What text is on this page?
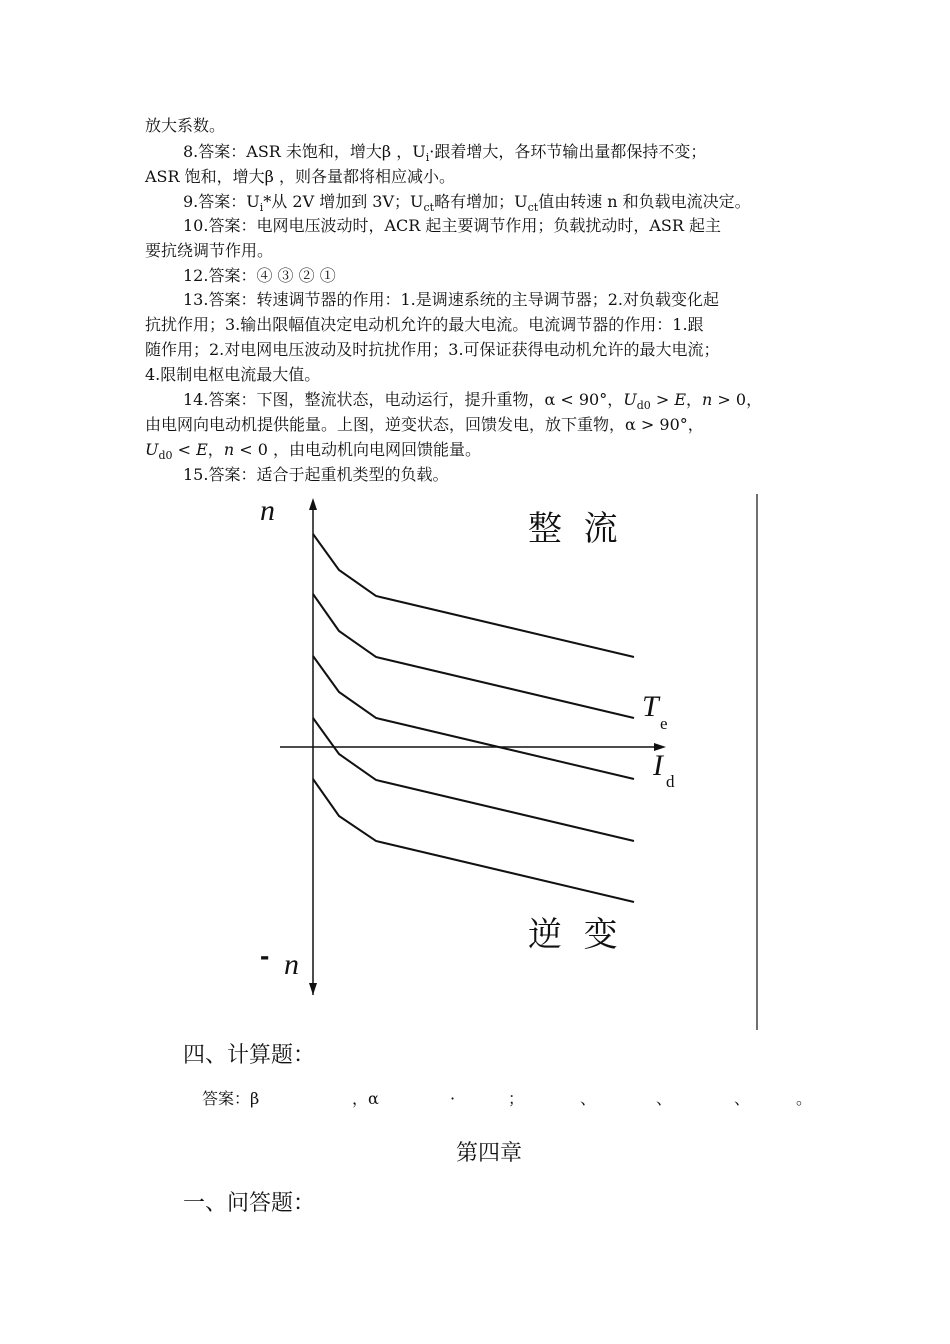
放大系数。
8.答案：ASR 未饱和，增大β ，$U_i\cdot$跟着增大，各环节输出量都保持不变；
ASR 饱和，增大β ，则各量都将相应减小。
9.答案：$U_i*$从 2V 增加到 3V；$U_{ct}$略有增加；$U_{ct}$值由转速 n 和负载电流决定。
10.答案：电网电压波动时，ACR 起主要调节作用；负载扰动时，ASR 起主
要抗绕调节作用。
12.答案：④ ③ ② ①
13.答案：转速调节器的作用：1.是调速系统的主导调节器；2.对负载变化起
抗扰作用；3.输出限幅值决定电动机允许的最大电流。电流调节器的作用：1.跟
随作用；2.对电网电压波动及时抗扰作用；3.可保证获得电动机允许的最大电流；
4.限制电枢电流最大值。
14.答案：下图，整流状态，电动运行，提升重物，α < 90°，$U_{d0} > E$，n > 0，
由电网向电动机提供能量。上图，逆变状态，回馈发电，放下重物，α > 90°，
$U_{d0} < E$，n < 0 ，由电动机向电网回馈能量。
15.答案：适合于起重机类型的负载。
n
- n
整  流
逆  变
T
e
I d
四、计算题：
答案：β	，α	·	；	、	、	、	。
第四章
一、问答题：
